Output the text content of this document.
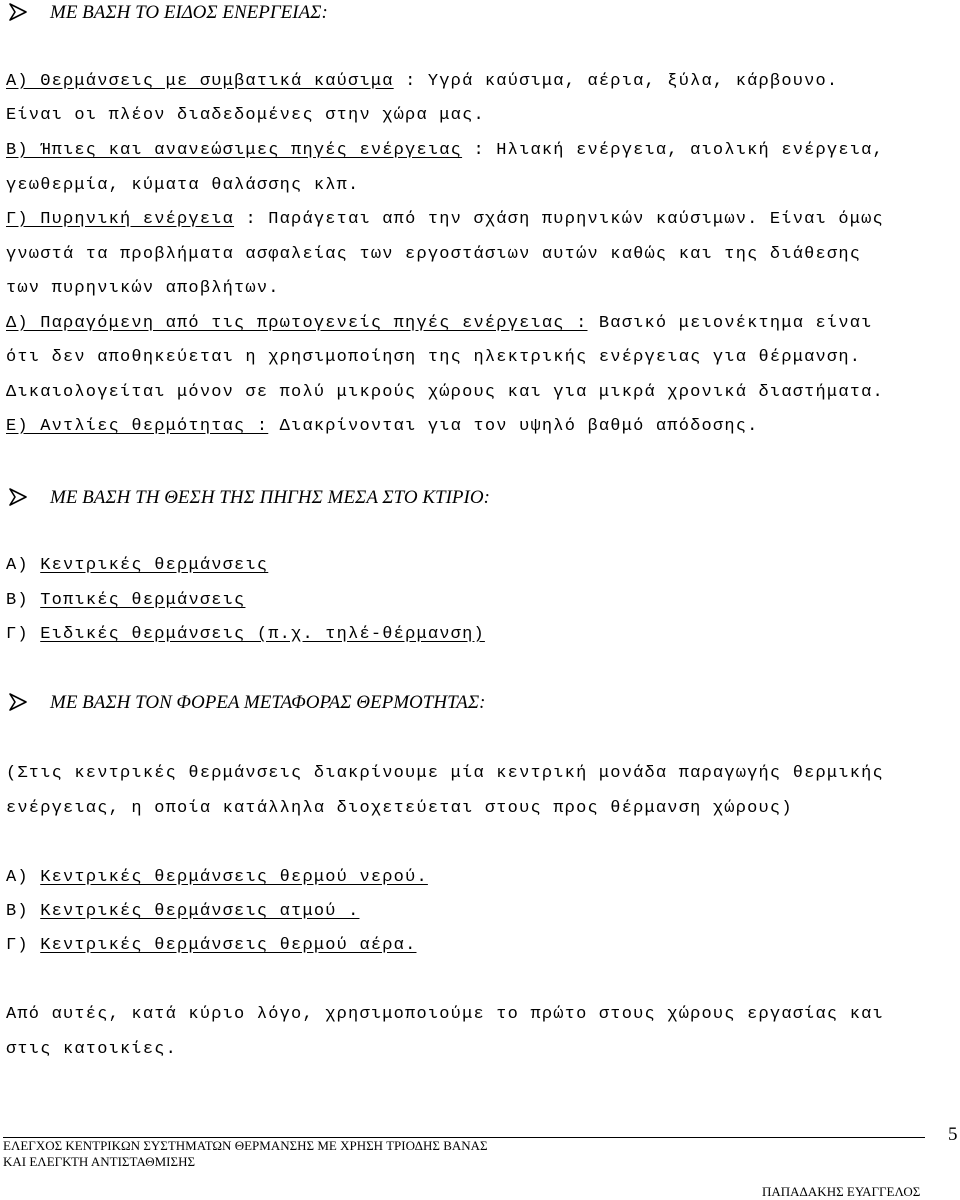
ΜΕ ΒΑΣΗ ΤΟ ΕΙΔΟΣ ΕΝΕΡΓΕΙΑΣ:
Α) Θερμάνσεις με συμβατικά καύσιμα : Υγρά καύσιμα, αέρια, ξύλα, κάρβουνο.
Είναι οι πλέον διαδεδομένες στην χώρα μας.
Β) Ήπιες και ανανεώσιμες πηγές ενέργειας : Ηλιακή ενέργεια, αιολική ενέργεια,
γεωθερμία, κύματα θαλάσσης κλπ.
Γ) Πυρηνική ενέργεια : Παράγεται από την σχάση πυρηνικών καύσιμων. Είναι όμως
γνωστά τα προβλήματα ασφαλείας των εργοστάσιων αυτών καθώς και της διάθεσης
των πυρηνικών αποβλήτων.
Δ) Παραγόμενη από τις πρωτογενείς πηγές ενέργειας : Βασικό μειονέκτημα είναι
ότι δεν αποθηκεύεται η χρησιμοποίηση της ηλεκτρικής ενέργειας για θέρμανση.
Δικαιολογείται μόνον σε πολύ μικρούς χώρους και για μικρά χρονικά διαστήματα.
Ε) Αντλίες θερμότητας : Διακρίνονται για τον υψηλό βαθμό απόδοσης.
ΜΕ ΒΑΣΗ ΤΗ ΘΕΣΗ ΤΗΣ ΠΗΓΗΣ ΜΕΣΑ ΣΤΟ ΚΤΙΡΙΟ:
Α) Κεντρικές θερμάνσεις
Β) Τοπικές θερμάνσεις
Γ) Ειδικές θερμάνσεις (π.χ. τηλέ-θέρμανση)
ΜΕ ΒΑΣΗ ΤΟΝ ΦΟΡΕΑ ΜΕΤΑΦΟΡΑΣ ΘΕΡΜΟΤΗΤΑΣ:
(Στις κεντρικές θερμάνσεις διακρίνουμε μία κεντρική μονάδα παραγωγής θερμικής
ενέργειας, η οποία κατάλληλα διοχετεύεται στους προς θέρμανση χώρους)
Α) Κεντρικές θερμάνσεις θερμού νερού.
Β) Κεντρικές θερμάνσεις ατμού .
Γ) Κεντρικές θερμάνσεις θερμού αέρα.
Από αυτές, κατά κύριο λόγο, χρησιμοποιούμε το πρώτο στους χώρους εργασίας και
στις κατοικίες.
5
ΕΛΕΓΧΟΣ ΚΕΝΤΡΙΚΩΝ ΣΥΣΤΗΜΑΤΩΝ ΘΕΡΜΑΝΣΗΣ ΜΕ ΧΡΗΣΗ ΤΡΙΟΔΗΣ ΒΑΝΑΣ
ΚΑΙ ΕΛΕΓΚΤΗ ΑΝΤΙΣΤΑΘΜΙΣΗΣ
ΠΑΠΑΔΑΚΗΣ ΕΥΑΓΓΕΛΟΣ
